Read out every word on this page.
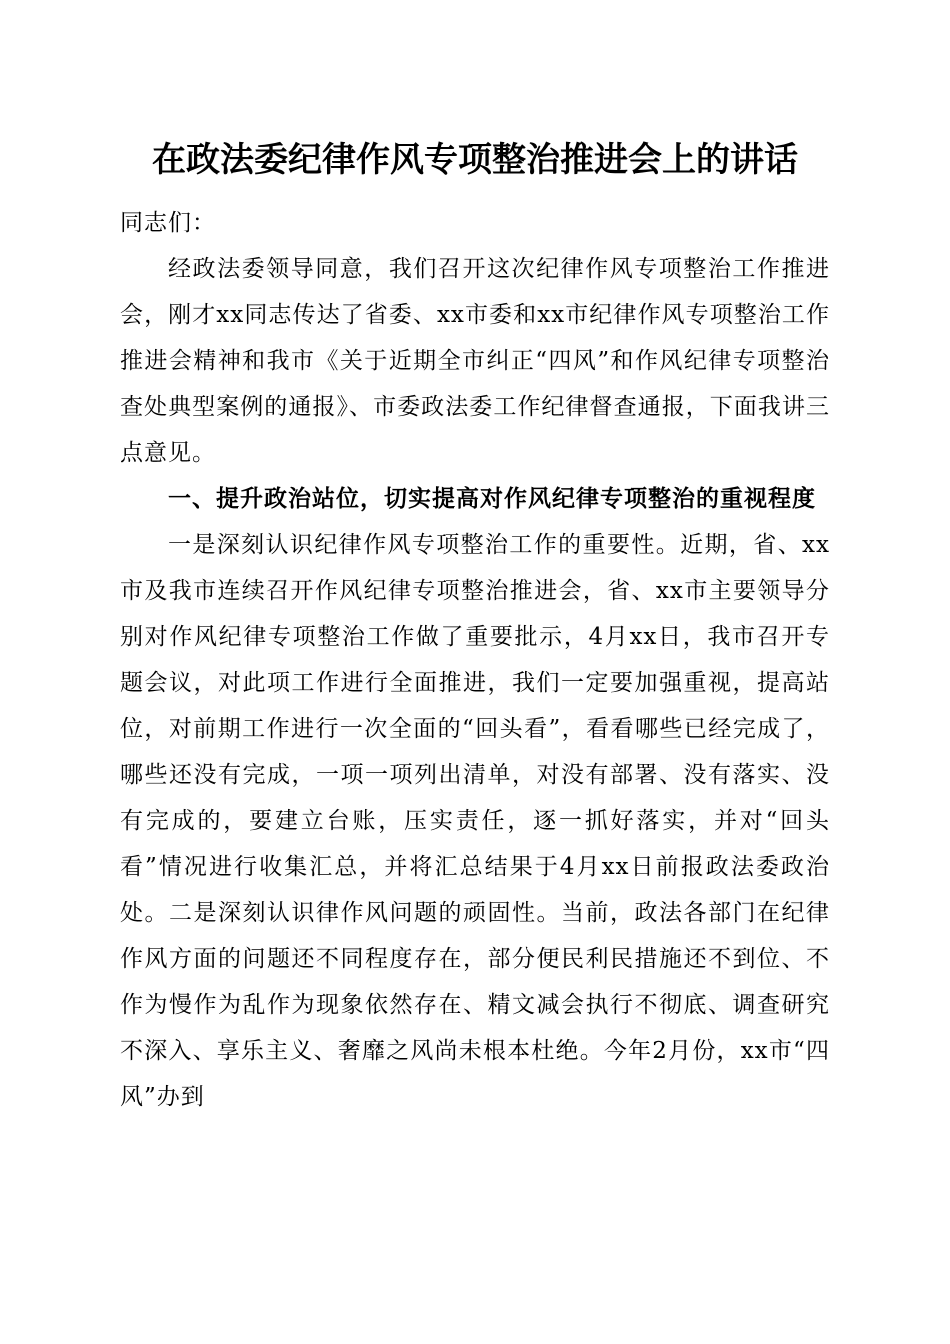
在政法委纪律作风专项整治推进会上的讲话

同志们：

经政法委领导同意，我们召开这次纪律作风专项整治工作推进会，刚才xx同志传达了省委、xx市委和xx市纪律作风专项整治工作推进会精神和我市《关于近期全市纠正“四风”和作风纪律专项整治查处典型案例的通报》、市委政法委工作纪律督查通报，下面我讲三点意见。

一、提升政治站位，切实提高对作风纪律专项整治的重视程度

一是深刻认识纪律作风专项整治工作的重要性。近期，省、xx市及我市连续召开作风纪律专项整治推进会，省、xx市主要领导分别对作风纪律专项整治工作做了重要批示，4月xx日，我市召开专题会议，对此项工作进行全面推进，我们一定要加强重视，提高站位，对前期工作进行一次全面的“回头看”，看看哪些已经完成了，哪些还没有完成，一项一项列出清单，对没有部署、没有落实、没有完成的，要建立台账，压实责任，逐一抓好落实，并对“回头看”情况进行收集汇总，并将汇总结果于4月xx日前报政法委政治处。二是深刻认识律作风问题的顽固性。当前，政法各部门在纪律作风方面的问题还不同程度存在，部分便民利民措施还不到位、不作为慢作为乱作为现象依然存在、精文减会执行不彻底、调查研究不深入、享乐主义、奢靡之风尚未根本杜绝。今年2月份，xx市“四风”办到
